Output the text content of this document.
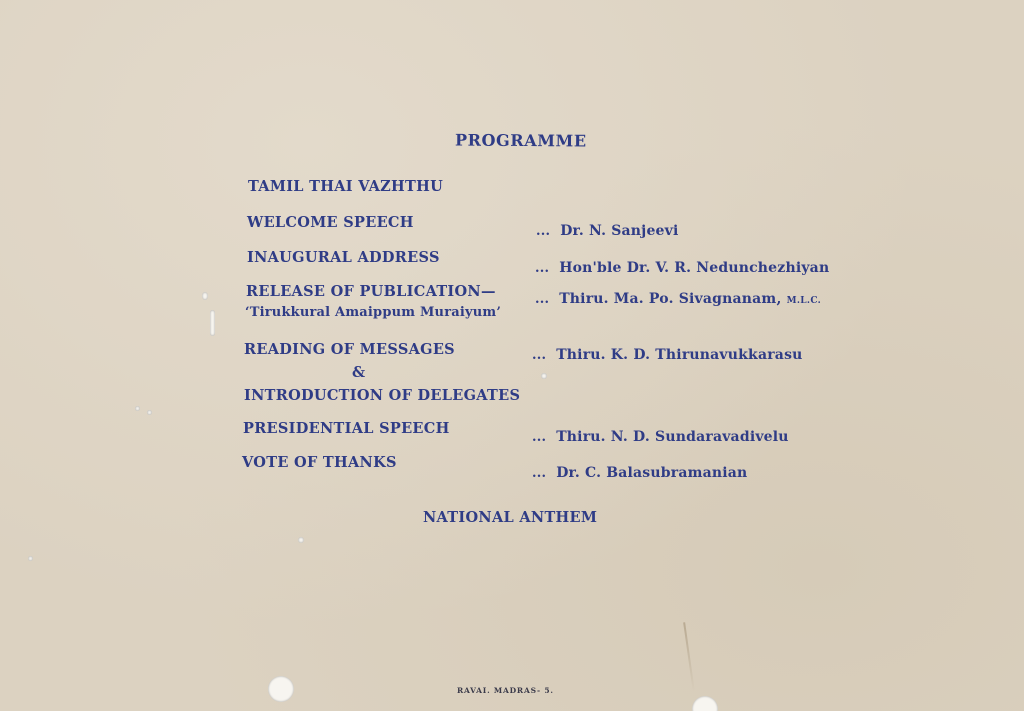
PROGRAMME
TAMIL THAI VAZHTHU
WELCOME SPEECH
... Dr. N. Sanjeevi
INAUGURAL ADDRESS
... Hon'ble Dr. V. R. Nedunchezhiyan
RELEASE OF PUBLICATION—
‘Tirukkural Amaippum Muraiyum’
... Thiru. Ma. Po. Sivagnanam, M.L.C.
READING OF MESSAGES
&
INTRODUCTION OF DELEGATES
... Thiru. K. D. Thirunavukkarasu
PRESIDENTIAL SPEECH
... Thiru. N. D. Sundaravadivelu
VOTE OF THANKS
... Dr. C. Balasubramanian
NATIONAL ANTHEM
RAVAI. MADRAS- 5.
